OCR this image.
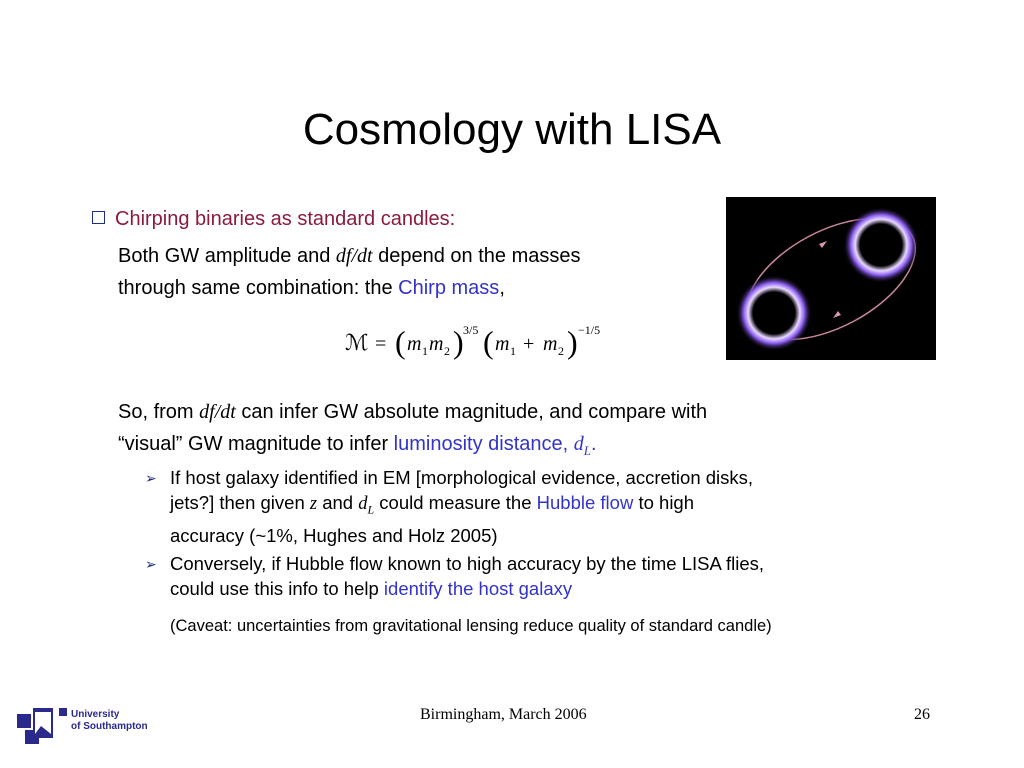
Cosmology with LISA
Chirping binaries as standard candles:
Both GW amplitude and df/dt depend on the masses
through same combination: the Chirp mass,
ℳ = ( m 1 m 2 ) 3/5 ( m 1 + m 2 ) −1/5
So, from df/dt can infer GW absolute magnitude, and compare with
“visual” GW magnitude to infer luminosity distance, $d_L$.
➢ If host galaxy identified in EM [morphological evidence, accretion disks,
jets?] then given z and $d_L$ could measure the Hubble flow to high
accuracy (~1%, Hughes and Holz 2005)
➢ Conversely, if Hubble flow known to high accuracy by the time LISA flies,
could use this info to help identify the host galaxy
(Caveat: uncertainties from gravitational lensing reduce quality of standard candle)
University
of Southampton
Birmingham, March 2006	26
